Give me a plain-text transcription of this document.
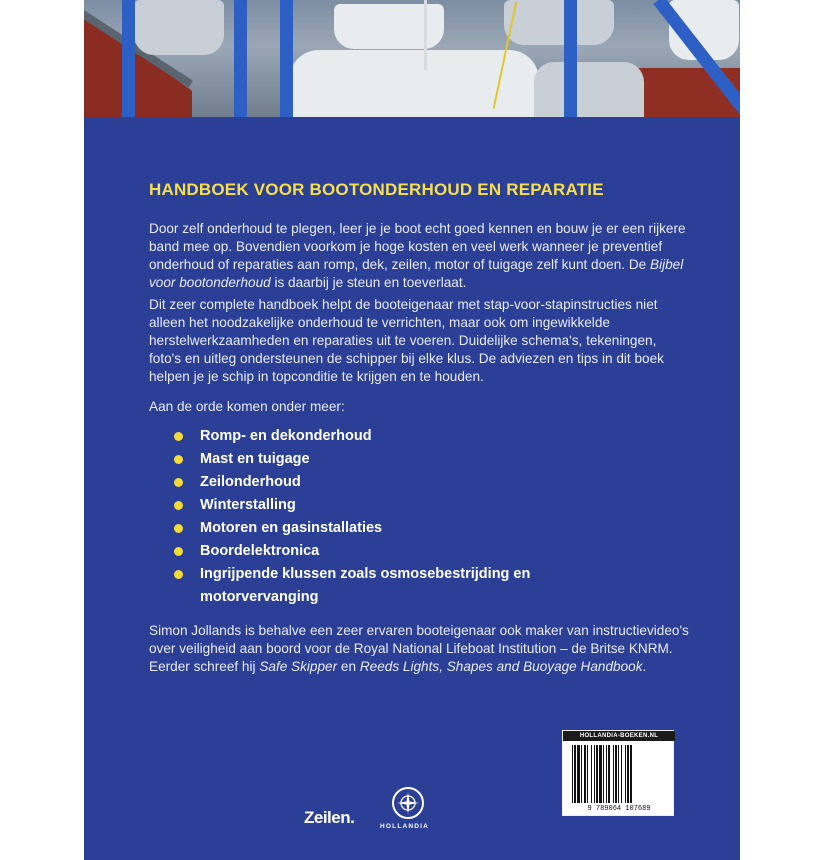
HANDBOEK VOOR BOOTONDERHOUD EN REPARATIE

Door zelf onderhoud te plegen, leer je je boot echt goed kennen en bouw je er een rijkere band mee op. Bovendien voorkom je hoge kosten en veel werk wanneer je preventief onderhoud of reparaties aan romp, dek, zeilen, motor of tuigage zelf kunt doen. De Bijbel voor bootonderhoud is daarbij je steun en toeverlaat.

Dit zeer complete handboek helpt de booteigenaar met stap-voor-stapinstructies niet alleen het noodzakelijke onderhoud te verrichten, maar ook om ingewikkelde herstelwerkzaamheden en reparaties uit te voeren. Duidelijke schema's, tekeningen, foto's en uitleg ondersteunen de schipper bij elke klus. De adviezen en tips in dit boek helpen je je schip in topconditie te krijgen en te houden.

Aan de orde komen onder meer:

Romp- en dekonderhoud
Mast en tuigage
Zeilonderhoud
Winterstalling
Motoren en gasinstallaties
Boordelektronica
Ingrijpende klussen zoals osmosebestrijding en motorvervanging

Simon Jollands is behalve een zeer ervaren booteigenaar ook maker van instructievideo's over veiligheid aan boord voor de Royal National Lifeboat Institution – de Britse KNRM. Eerder schreef hij Safe Skipper en Reeds Lights, Shapes and Buoyage Handbook.

Zeilen.	HOLLANDIA
HOLLANDIA-BOEKEN.NL
9 789064 107689
